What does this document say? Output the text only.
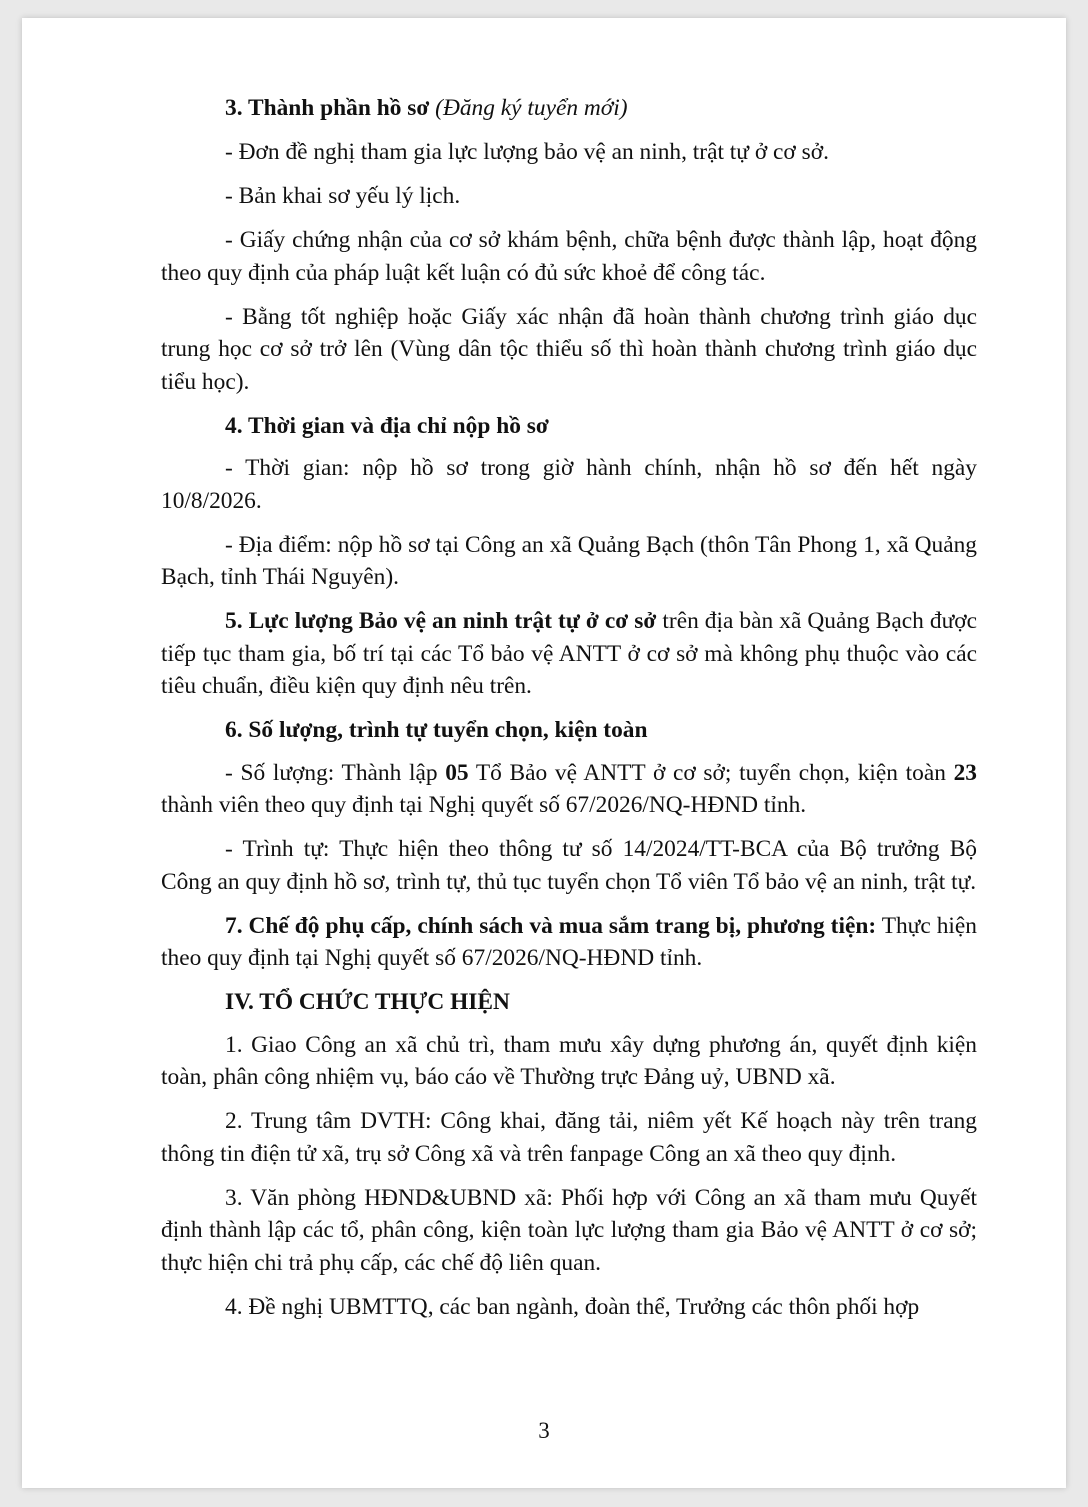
3. Thành phần hồ sơ (Đăng ký tuyển mới)

- Đơn đề nghị tham gia lực lượng bảo vệ an ninh, trật tự ở cơ sở.

- Bản khai sơ yếu lý lịch.

- Giấy chứng nhận của cơ sở khám bệnh, chữa bệnh được thành lập, hoạt động theo quy định của pháp luật kết luận có đủ sức khoẻ để công tác.

- Bằng tốt nghiệp hoặc Giấy xác nhận đã hoàn thành chương trình giáo dục trung học cơ sở trở lên (Vùng dân tộc thiểu số thì hoàn thành chương trình giáo dục tiểu học).

4. Thời gian và địa chỉ nộp hồ sơ

- Thời gian: nộp hồ sơ trong giờ hành chính, nhận hồ sơ đến hết ngày 10/8/2026.

- Địa điểm: nộp hồ sơ tại Công an xã Quảng Bạch (thôn Tân Phong 1, xã Quảng Bạch, tỉnh Thái Nguyên).

5. Lực lượng Bảo vệ an ninh trật tự ở cơ sở trên địa bàn xã Quảng Bạch được tiếp tục tham gia, bố trí tại các Tổ bảo vệ ANTT ở cơ sở mà không phụ thuộc vào các tiêu chuẩn, điều kiện quy định nêu trên.

6. Số lượng, trình tự tuyển chọn, kiện toàn

- Số lượng: Thành lập 05 Tổ Bảo vệ ANTT ở cơ sở; tuyển chọn, kiện toàn 23 thành viên theo quy định tại Nghị quyết số 67/2026/NQ-HĐND tỉnh.

- Trình tự: Thực hiện theo thông tư số 14/2024/TT-BCA của Bộ trưởng Bộ Công an quy định hồ sơ, trình tự, thủ tục tuyển chọn Tổ viên Tổ bảo vệ an ninh, trật tự.

7. Chế độ phụ cấp, chính sách và mua sắm trang bị, phương tiện: Thực hiện theo quy định tại Nghị quyết số 67/2026/NQ-HĐND tỉnh.

IV. TỔ CHỨC THỰC HIỆN

1. Giao Công an xã chủ trì, tham mưu xây dựng phương án, quyết định kiện toàn, phân công nhiệm vụ, báo cáo về Thường trực Đảng uỷ, UBND xã.

2. Trung tâm DVTH: Công khai, đăng tải, niêm yết Kế hoạch này trên trang thông tin điện tử xã, trụ sở Công xã và trên fanpage Công an xã theo quy định.

3. Văn phòng HĐND&UBND xã: Phối hợp với Công an xã tham mưu Quyết định thành lập các tổ, phân công, kiện toàn lực lượng tham gia Bảo vệ ANTT ở cơ sở; thực hiện chi trả phụ cấp, các chế độ liên quan.

4. Đề nghị UBMTTQ, các ban ngành, đoàn thể, Trưởng các thôn phối hợp

3
